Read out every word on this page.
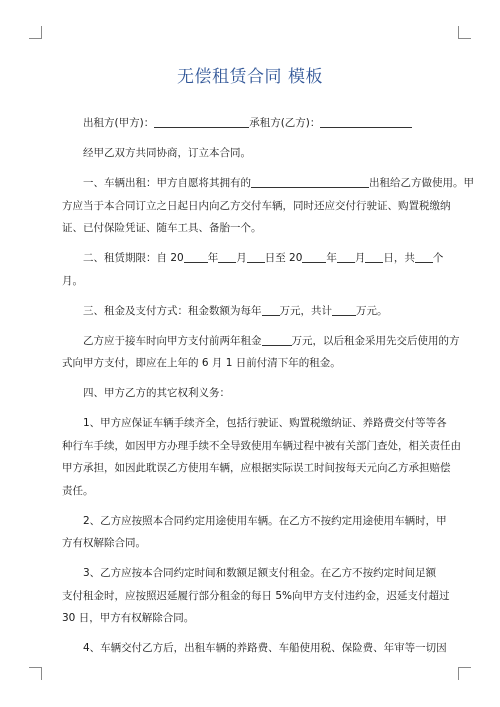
无偿租赁合同 模板

出租方(甲方)：	承租方(乙方)：

经甲乙双方共同协商，订立本合同。

一、车辆出租：甲方自愿将其拥有的	出租给乙方做使用。甲

方应当于本合同订立之日起日内向乙方交付车辆，同时还应交付行驶证、购置税缴纳

证、已付保险凭证、随车工具、备胎一个。

二、租赁期限：自 20 年 月 日至 20 年 月 日，共 个

月。

三、租金及支付方式：租金数额为每年 万元，共计 万元。

乙方应于接车时向甲方支付前两年租金	万元，以后租金采用先交后使用的方

式向甲方支付，即应在上年的 6 月 1 日前付清下年的租金。

四、甲方乙方的其它权利义务：

1、甲方应保证车辆手续齐全，包括行驶证、购置税缴纳证、养路费交付等等各

种行车手续，如因甲方办理手续不全导致使用车辆过程中被有关部门查处，相关责任由

甲方承担，如因此耽误乙方使用车辆，应根据实际误工时间按每天元向乙方承担赔偿

责任。

2、乙方应按照本合同约定用途使用车辆。在乙方不按约定用途使用车辆时，甲

方有权解除合同。

3、乙方应按本合同约定时间和数额足额支付租金。在乙方不按约定时间足额

支付租金时，应按照迟延履行部分租金的每日 5%向甲方支付违约金，迟延支付超过

30 日，甲方有权解除合同。

4、车辆交付乙方后，出租车辆的养路费、车船使用税、保险费、年审等一切因
